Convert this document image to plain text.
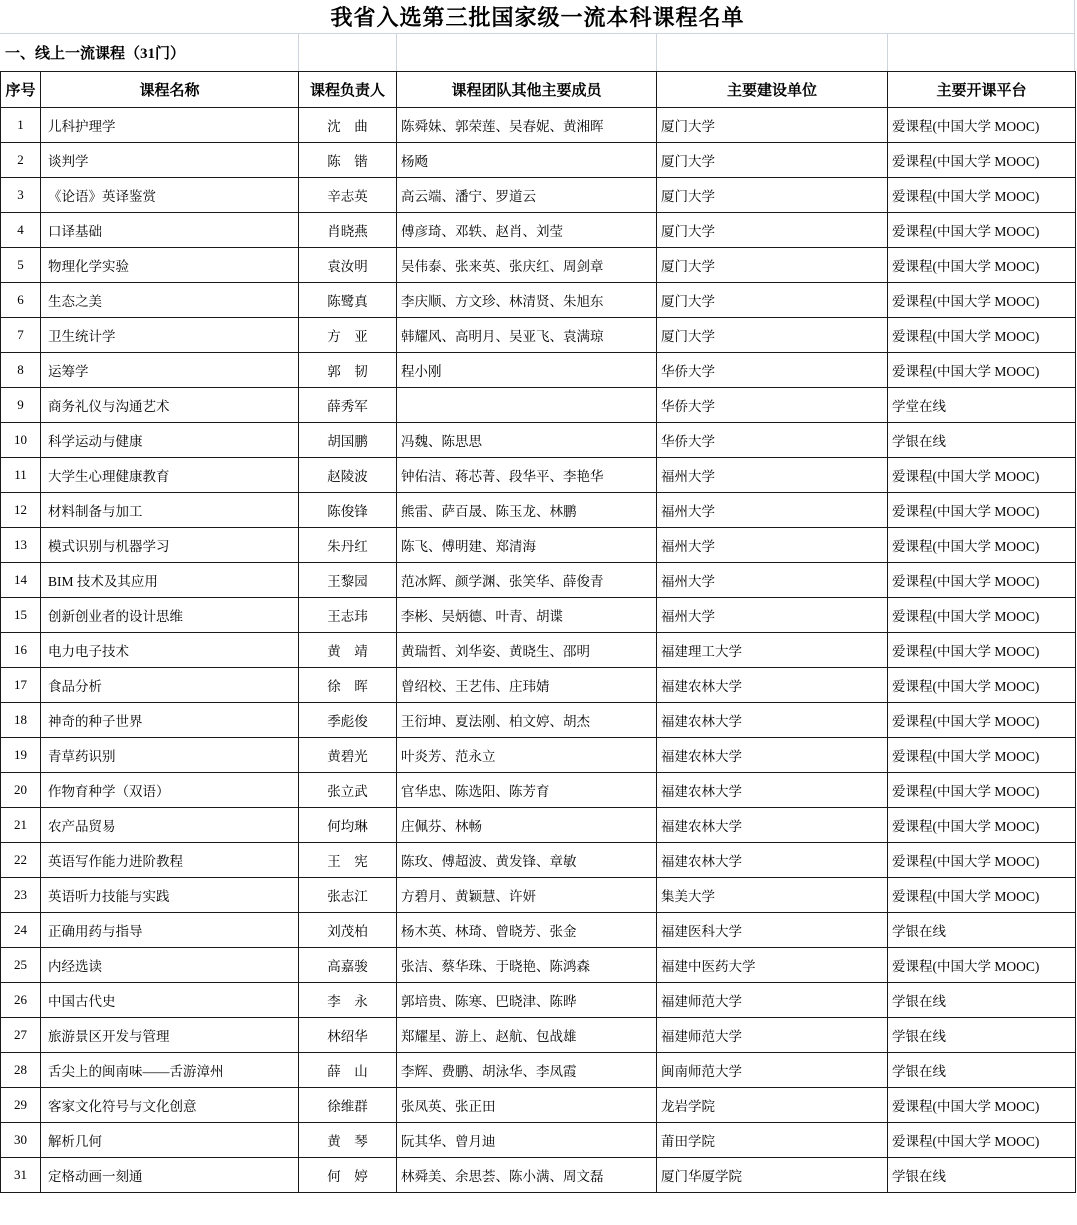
我省入选第三批国家级一流本科课程名单
一、线上一流课程（31门）
序号	课程名称	课程负责人	课程团队其他主要成员	主要建设单位	主要开课平台
1	儿科护理学	沈　曲	陈舜妹、郭荣莲、吴春妮、黄湘晖	厦门大学	爱课程(中国大学 MOOC)
2	谈判学	陈　锴	杨飏	厦门大学	爱课程(中国大学 MOOC)
3	《论语》英译鉴赏	辛志英	高云端、潘宁、罗道云	厦门大学	爱课程(中国大学 MOOC)
4	口译基础	肖晓燕	傅彦琦、邓轶、赵肖、刘莹	厦门大学	爱课程(中国大学 MOOC)
5	物理化学实验	袁汝明	吴伟泰、张来英、张庆红、周剑章	厦门大学	爱课程(中国大学 MOOC)
6	生态之美	陈鹭真	李庆顺、方文珍、林清贤、朱旭东	厦门大学	爱课程(中国大学 MOOC)
7	卫生统计学	方　亚	韩耀风、高明月、吴亚飞、袁满琼	厦门大学	爱课程(中国大学 MOOC)
8	运筹学	郭　韧	程小刚	华侨大学	爱课程(中国大学 MOOC)
9	商务礼仪与沟通艺术	薛秀军		华侨大学	学堂在线
10	科学运动与健康	胡国鹏	冯魏、陈思思	华侨大学	学银在线
11	大学生心理健康教育	赵陵波	钟佑洁、蒋芯菁、段华平、李艳华	福州大学	爱课程(中国大学 MOOC)
12	材料制备与加工	陈俊锋	熊雷、萨百晟、陈玉龙、林鹏	福州大学	爱课程(中国大学 MOOC)
13	模式识别与机器学习	朱丹红	陈飞、傅明建、郑清海	福州大学	爱课程(中国大学 MOOC)
14	BIM 技术及其应用	王黎园	范冰辉、颜学渊、张笑华、薛俊青	福州大学	爱课程(中国大学 MOOC)
15	创新创业者的设计思维	王志玮	李彬、吴炳德、叶青、胡谍	福州大学	爱课程(中国大学 MOOC)
16	电力电子技术	黄　靖	黄瑞哲、刘华姿、黄晓生、邵明	福建理工大学	爱课程(中国大学 MOOC)
17	食品分析	徐　晖	曾绍校、王艺伟、庄玮婧	福建农林大学	爱课程(中国大学 MOOC)
18	神奇的种子世界	季彪俊	王衍坤、夏法刚、柏文婷、胡杰	福建农林大学	爱课程(中国大学 MOOC)
19	青草药识别	黄碧光	叶炎芳、范永立	福建农林大学	爱课程(中国大学 MOOC)
20	作物育种学（双语）	张立武	官华忠、陈选阳、陈芳育	福建农林大学	爱课程(中国大学 MOOC)
21	农产品贸易	何均琳	庄佩芬、林畅	福建农林大学	爱课程(中国大学 MOOC)
22	英语写作能力进阶教程	王　宪	陈玫、傅超波、黄发锋、章敏	福建农林大学	爱课程(中国大学 MOOC)
23	英语听力技能与实践	张志江	方碧月、黄颖慧、许妍	集美大学	爱课程(中国大学 MOOC)
24	正确用药与指导	刘茂柏	杨木英、林琦、曾晓芳、张金	福建医科大学	学银在线
25	内经选读	高嘉骏	张洁、蔡华珠、于晓艳、陈鸿森	福建中医药大学	爱课程(中国大学 MOOC)
26	中国古代史	李　永	郭培贵、陈寒、巴晓津、陈晔	福建师范大学	学银在线
27	旅游景区开发与管理	林绍华	郑耀星、游上、赵航、包战雄	福建师范大学	学银在线
28	舌尖上的闽南味——舌游漳州	薛　山	李辉、费鹏、胡泳华、李凤霞	闽南师范大学	学银在线
29	客家文化符号与文化创意	徐维群	张凤英、张正田	龙岩学院	爱课程(中国大学 MOOC)
30	解析几何	黄　琴	阮其华、曾月迪	莆田学院	爱课程(中国大学 MOOC)
31	定格动画一刻通	何　婷	林舜美、余思荟、陈小满、周文磊	厦门华厦学院	学银在线
